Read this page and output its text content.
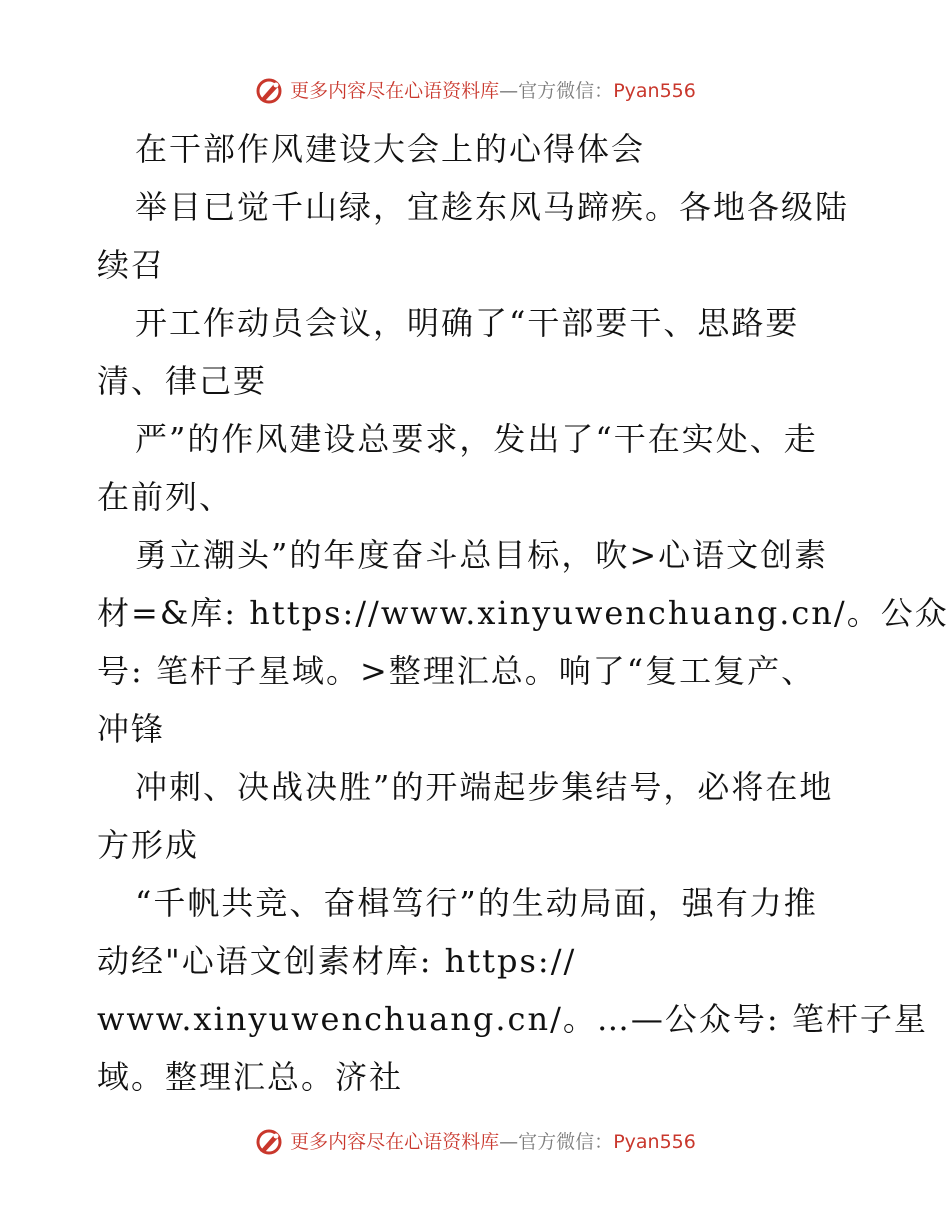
更多内容尽在心语资料库—官方微信：Pyan556
在干部作风建设大会上的心得体会
举目已觉千山绿，宜趁东风马蹄疾。各地各级陆
续召
开工作动员会议，明确了“干部要干、思路要
清、律己要
严”的作风建设总要求，发出了“干在实处、走
在前列、
勇立潮头”的年度奋斗总目标，吹>心语文创素
材=&库: https://www.xinyuwenchuang.cn/。公众
号: 笔杆子星域。>整理汇总。响了“复工复产、
冲锋
冲刺、决战决胜”的开端起步集结号，必将在地
方形成
“千帆共竞、奋楫笃行”的生动局面，强有力推
动经"心语文创素材库: https://
www.xinyuwenchuang.cn/。…—公众号: 笔杆子星
域。整理汇总。济社
更多内容尽在心语资料库—官方微信：Pyan556
